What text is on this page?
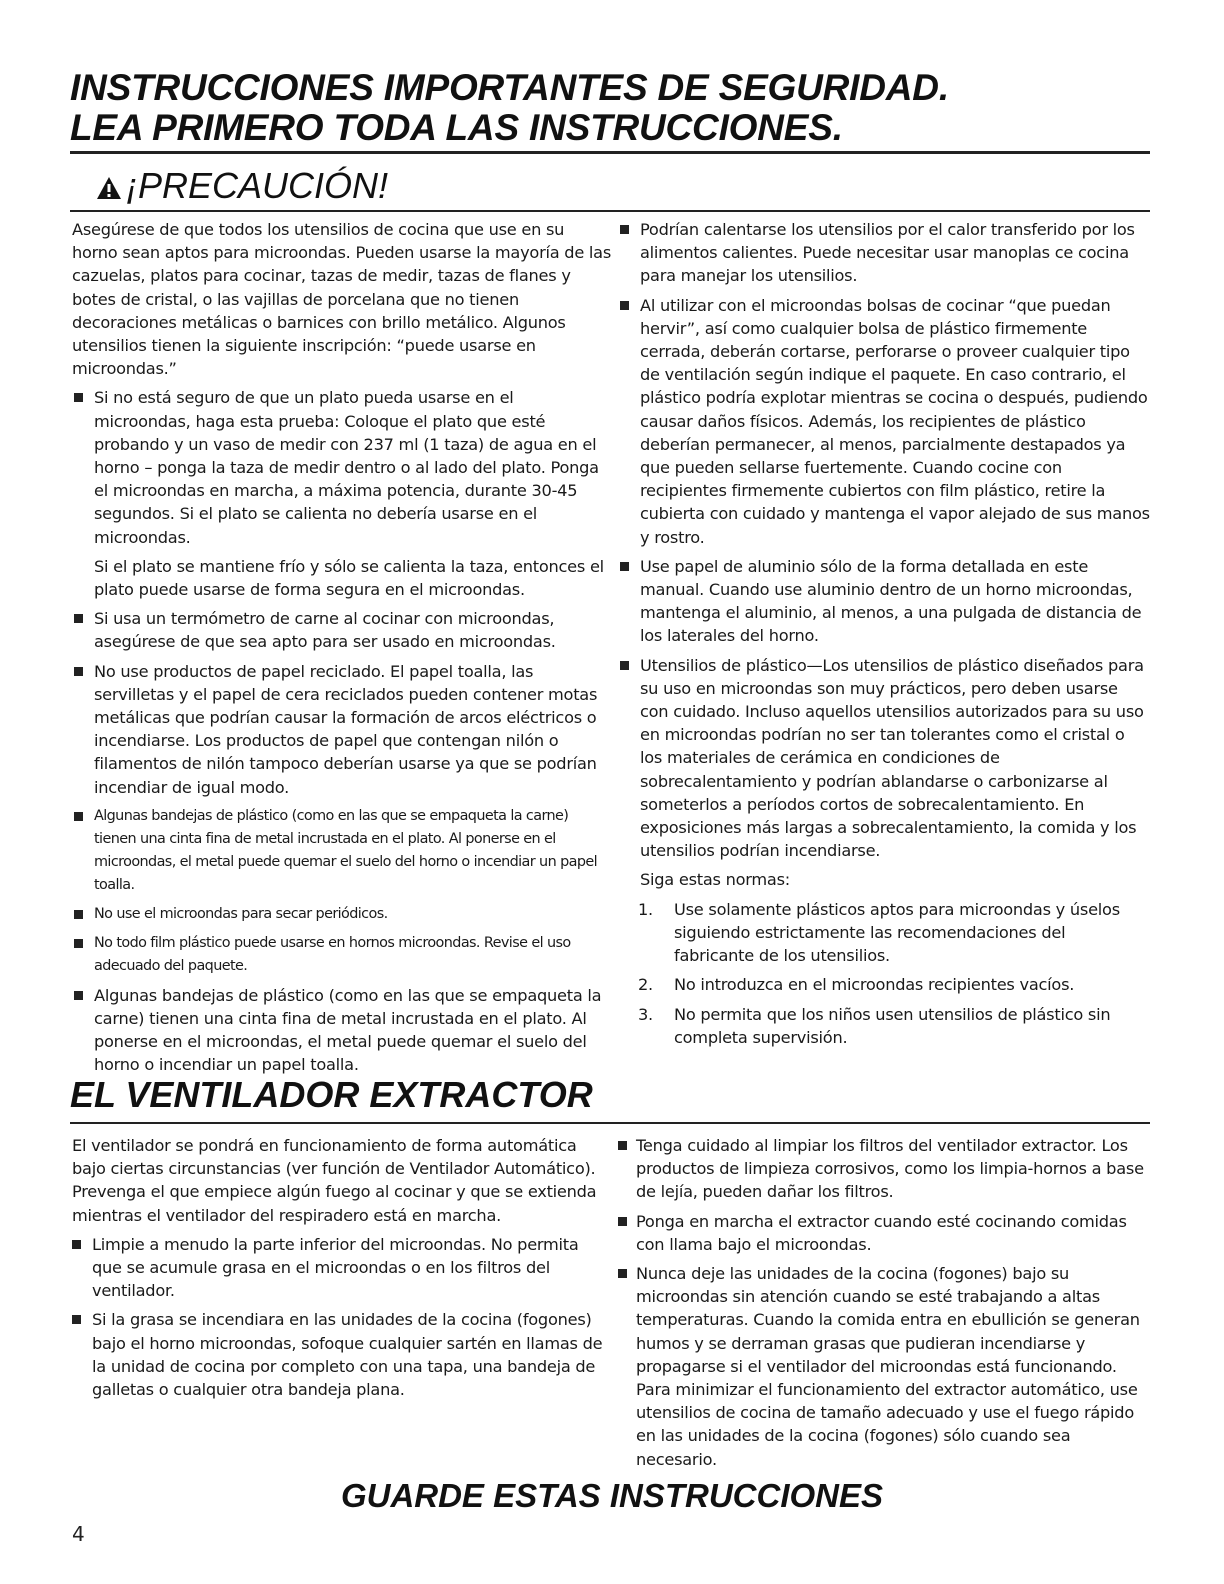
INSTRUCCIONES IMPORTANTES DE SEGURIDAD.
LEA PRIMERO TODA LAS INSTRUCCIONES.
¡PRECAUCIÓN!

Asegúrese de que todos los utensilios de cocina que use en su horno sean aptos para microondas. Pueden usarse la mayoría de las cazuelas, platos para cocinar, tazas de medir, tazas de flanes y botes de cristal, o las vajillas de porcelana que no tienen decoraciones metálicas o barnices con brillo metálico. Algunos utensilios tienen la siguiente inscripción: “puede usarse en microondas.”

Si no está seguro de que un plato pueda usarse en el microondas, haga esta prueba: Coloque el plato que esté probando y un vaso de medir con 237 ml (1 taza) de agua en el horno – ponga la taza de medir dentro o al lado del plato. Ponga el microondas en marcha, a máxima potencia, durante 30-45 segundos. Si el plato se calienta no debería usarse en el microondas.

Si el plato se mantiene frío y sólo se calienta la taza, entonces el plato puede usarse de forma segura en el microondas.

Si usa un termómetro de carne al cocinar con microondas, asegúrese de que sea apto para ser usado en microondas.

No use productos de papel reciclado. El papel toalla, las servilletas y el papel de cera reciclados pueden contener motas metálicas que podrían causar la formación de arcos eléctricos o incendiarse. Los productos de papel que contengan nilón o filamentos de nilón tampoco deberían usarse ya que se podrían incendiar de igual modo.

Algunas bandejas de plástico (como en las que se empaqueta la carne) tienen una cinta fina de metal incrustada en el plato. Al ponerse en el microondas, el metal puede quemar el suelo del horno o incendiar un papel toalla.

No use el microondas para secar periódicos.

No todo film plástico puede usarse en hornos microondas. Revise el uso adecuado del paquete.

Algunas bandejas de plástico (como en las que se empaqueta la carne) tienen una cinta fina de metal incrustada en el plato. Al ponerse en el microondas, el metal puede quemar el suelo del horno o incendiar un papel toalla.

Podrían calentarse los utensilios por el calor transferido por los alimentos calientes. Puede necesitar usar manoplas ce cocina para manejar los utensilios.

Al utilizar con el microondas bolsas de cocinar “que puedan hervir”, así como cualquier bolsa de plástico firmemente cerrada, deberán cortarse, perforarse o proveer cualquier tipo de ventilación según indique el paquete. En caso contrario, el plástico podría explotar mientras se cocina o después, pudiendo causar daños físicos. Además, los recipientes de plástico deberían permanecer, al menos, parcialmente destapados ya que pueden sellarse fuertemente. Cuando cocine con recipientes firmemente cubiertos con film plástico, retire la cubierta con cuidado y mantenga el vapor alejado de sus manos y rostro.

Use papel de aluminio sólo de la forma detallada en este manual. Cuando use aluminio dentro de un horno microondas, mantenga el aluminio, al menos, a una pulgada de distancia de los laterales del horno.

Utensilios de plástico—Los utensilios de plástico diseñados para su uso en microondas son muy prácticos, pero deben usarse con cuidado. Incluso aquellos utensilios autorizados para su uso en microondas podrían no ser tan tolerantes como el cristal o los materiales de cerámica en condiciones de sobrecalentamiento y podrían ablandarse o carbonizarse al someterlos a períodos cortos de sobrecalentamiento. En exposiciones más largas a sobrecalentamiento, la comida y los utensilios podrían incendiarse.

Siga estas normas:

1. Use solamente plásticos aptos para microondas y úselos siguiendo estrictamente las recomendaciones del fabricante de los utensilios.

2. No introduzca en el microondas recipientes vacíos.

3. No permita que los niños usen utensilios de plástico sin completa supervisión.

EL VENTILADOR EXTRACTOR

El ventilador se pondrá en funcionamiento de forma automática bajo ciertas circunstancias (ver función de Ventilador Automático). Prevenga el que empiece algún fuego al cocinar y que se extienda mientras el ventilador del respiradero está en marcha.

Limpie a menudo la parte inferior del microondas. No permita que se acumule grasa en el microondas o en los filtros del ventilador.

Si la grasa se incendiara en las unidades de la cocina (fogones) bajo el horno microondas, sofoque cualquier sartén en llamas de la unidad de cocina por completo con una tapa, una bandeja de galletas o cualquier otra bandeja plana.

Tenga cuidado al limpiar los filtros del ventilador extractor. Los productos de limpieza corrosivos, como los limpia-hornos a base de lejía, pueden dañar los filtros.

Ponga en marcha el extractor cuando esté cocinando comidas con llama bajo el microondas.

Nunca deje las unidades de la cocina (fogones) bajo su microondas sin atención cuando se esté trabajando a altas temperaturas. Cuando la comida entra en ebullición se generan humos y se derraman grasas que pudieran incendiarse y propagarse si el ventilador del microondas está funcionando. Para minimizar el funcionamiento del extractor automático, use utensilios de cocina de tamaño adecuado y use el fuego rápido en las unidades de la cocina (fogones) sólo cuando sea necesario.

GUARDE ESTAS INSTRUCCIONES
4
